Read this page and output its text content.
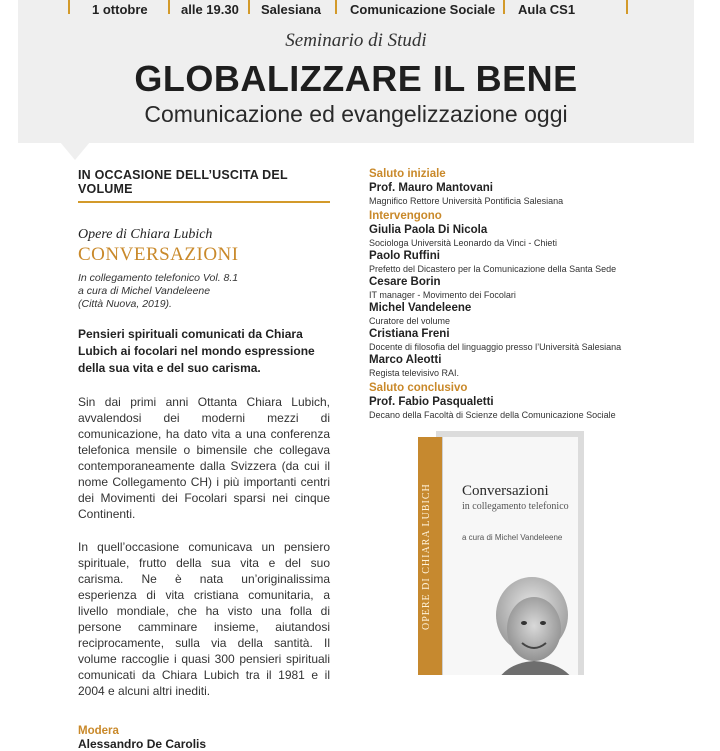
1 ottobre	alle 19.30 Salesiana Comunicazione Sociale Aula CS1
Seminario di Studi
GLOBALIZZARE IL BENE
Comunicazione ed evangelizzazione oggi
IN OCCASIONE DELL’USCITA DEL VOLUME
Opere di Chiara Lubich
CONVERSAZIONI
In collegamento telefonico Vol. 8.1
a cura di Michel Vandeleene
(Città Nuova, 2019).
Pensieri spirituali comunicati da Chiara Lubich ai focolari nel mondo espressione della sua vita e del suo carisma.
Sin dai primi anni Ottanta Chiara Lubich, avvalendosi dei moderni mezzi di comunicazione, ha dato vita a una conferenza telefonica mensile o bimensile che collegava contemporaneamente dalla Svizzera (da cui il nome Collegamento CH) i più importanti centri dei Movimenti dei Focolari sparsi nei cinque Continenti.
In quell’occasione comunicava un pensiero spirituale, frutto della sua vita e del suo carisma. Ne è nata un’originalissima esperienza di vita cristiana comunitaria, a livello mondiale, che ha visto una folla di persone camminare insieme, aiutandosi reciprocamente, sulla via della santità. Il volume raccoglie i quasi 300 pensieri spirituali comunicati da Chiara Lubich tra il 1981 e il 2004 e alcuni altri inediti.
Modera
Alessandro De Carolis
Saluto iniziale
Prof. Mauro Mantovani
Magnifico Rettore Università Pontificia Salesiana
Intervengono
Giulia Paola Di Nicola
Sociologa Università Leonardo da Vinci - Chieti
Paolo Ruffini
Prefetto del Dicastero per la Comunicazione della Santa Sede
Cesare Borin
IT manager - Movimento dei Focolari
Michel Vandeleene
Curatore del volume
Cristiana Freni
Docente di filosofia del linguaggio presso l’Università Salesiana
Marco Aleotti
Regista televisivo RAI.
Saluto conclusivo
Prof. Fabio Pasqualetti
Decano della Facoltà di Scienze della Comunicazione Sociale
OPERE DI CHIARA LUBICH	Conversazioni
in collegamento telefonico
a cura di Michel Vandeleene
